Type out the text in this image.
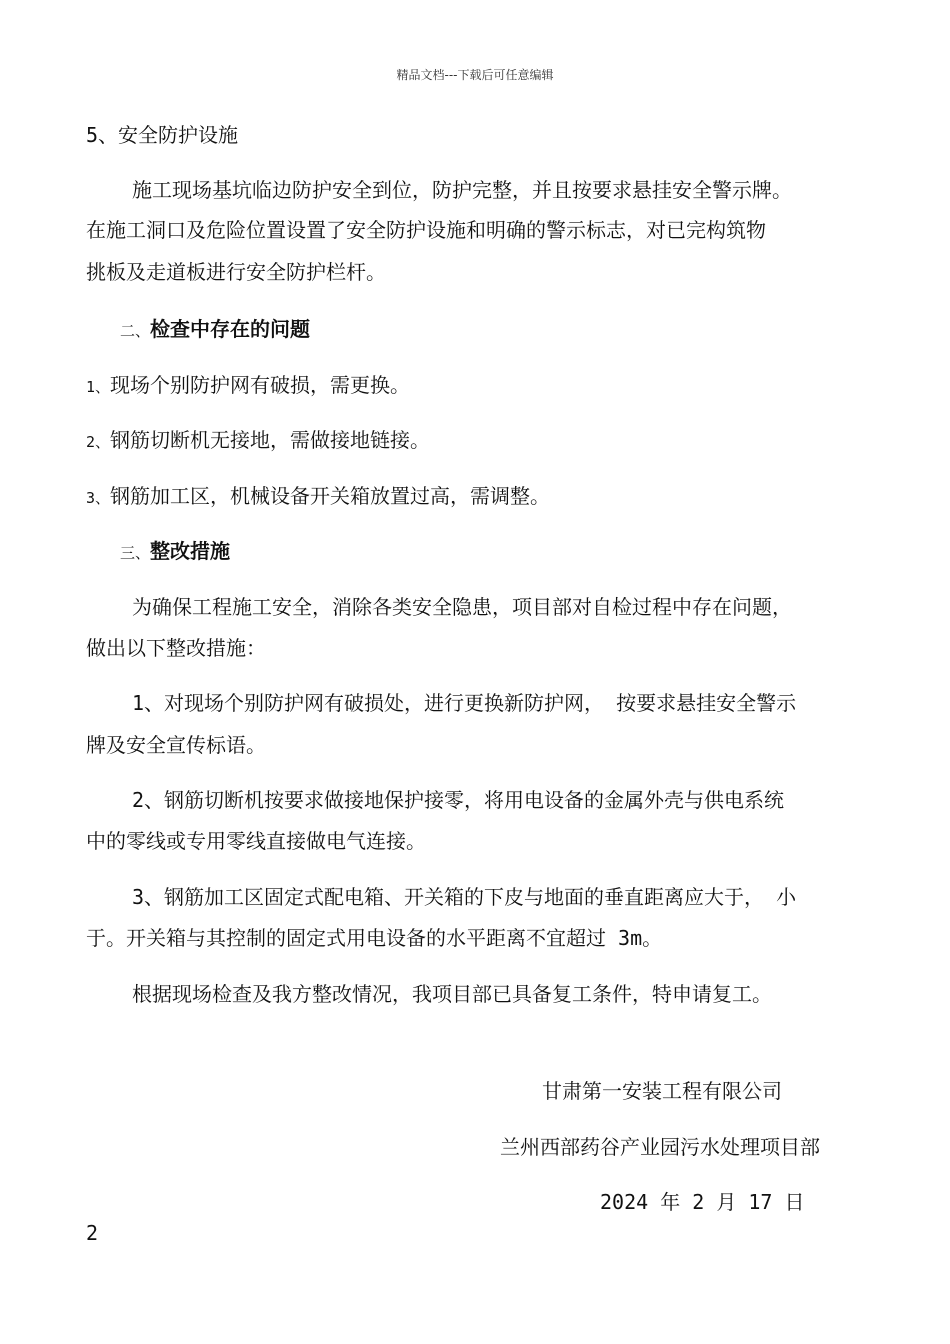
精品文档---下载后可任意编辑
5、安全防护设施
施工现场基坑临边防护安全到位，防护完整，并且按要求悬挂安全警示牌。
在施工洞口及危险位置设置了安全防护设施和明确的警示标志，对已完构筑物
挑板及走道板进行安全防护栏杆。
二、检查中存在的问题
1、现场个别防护网有破损，需更换。
2、钢筋切断机无接地，需做接地链接。
3、钢筋加工区，机械设备开关箱放置过高，需调整。
三、整改措施
为确保工程施工安全，消除各类安全隐患，项目部对自检过程中存在问题，
做出以下整改措施：
1、对现场个别防护网有破损处，进行更换新防护网， 按要求悬挂安全警示
牌及安全宣传标语。
2、钢筋切断机按要求做接地保护接零，将用电设备的金属外壳与供电系统
中的零线或专用零线直接做电气连接。
3、钢筋加工区固定式配电箱、开关箱的下皮与地面的垂直距离应大于， 小
于。开关箱与其控制的固定式用电设备的水平距离不宜超过 3m。
根据现场检查及我方整改情况，我项目部已具备复工条件，特申请复工。
甘肃第一安装工程有限公司
兰州西部药谷产业园污水处理项目部
2024 年 2 月 17 日
2
